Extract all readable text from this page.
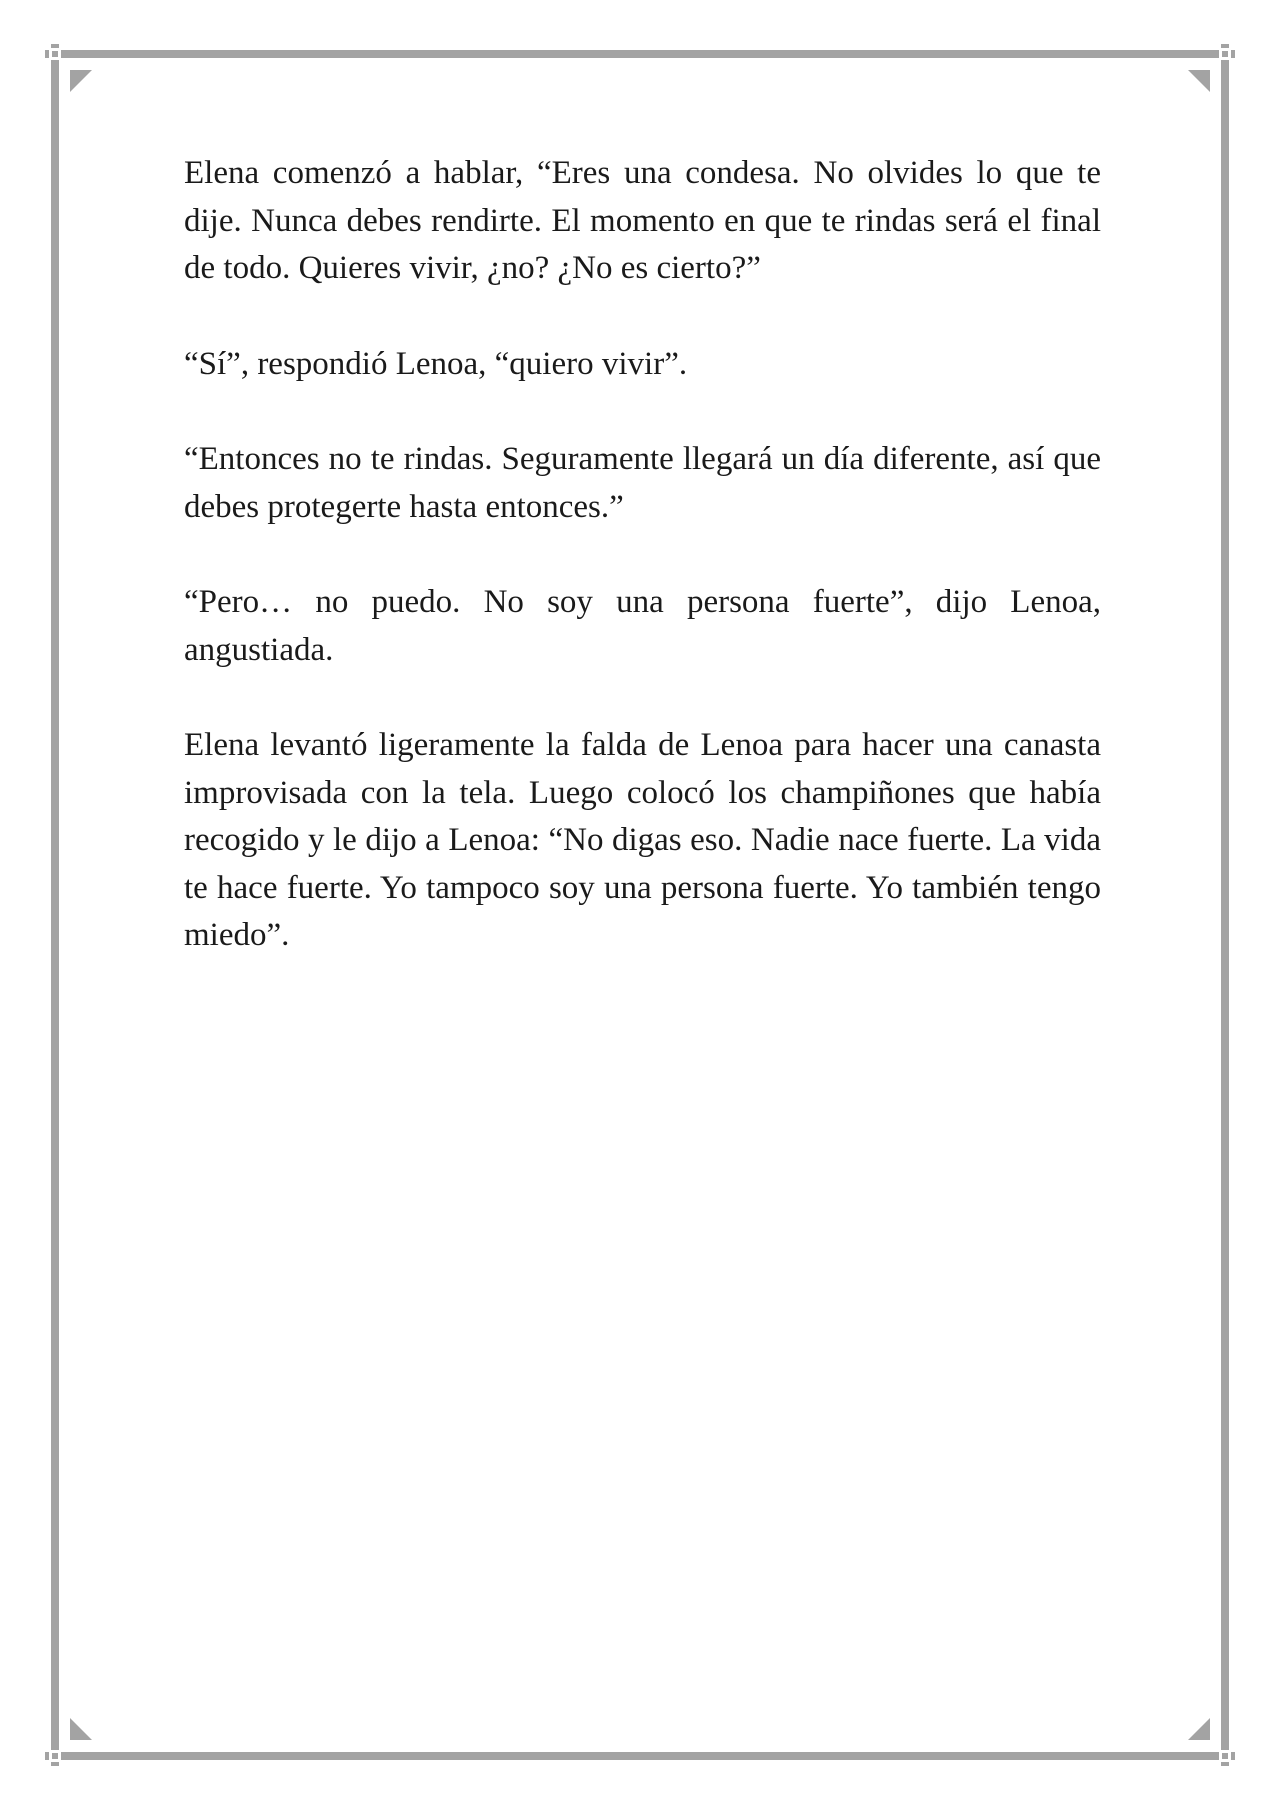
Elena comenzó a hablar, “Eres una condesa. No olvides lo que te dije. Nunca debes rendirte. El momento en que te rindas será el final de todo. Quieres vivir, ¿no? ¿No es cierto?”

“Sí”, respondió Lenoa, “quiero vivir”.

“Entonces no te rindas. Seguramente llegará un día diferente, así que debes protegerte hasta entonces.”

“Pero… no puedo. No soy una persona fuerte”, dijo Lenoa, angustiada.

Elena levantó ligeramente la falda de Lenoa para hacer una canasta improvisada con la tela. Luego colocó los champiñones que había recogido y le dijo a Lenoa: “No digas eso. Nadie nace fuerte. La vida te hace fuerte. Yo tampoco soy una persona fuerte. Yo también tengo miedo”.
